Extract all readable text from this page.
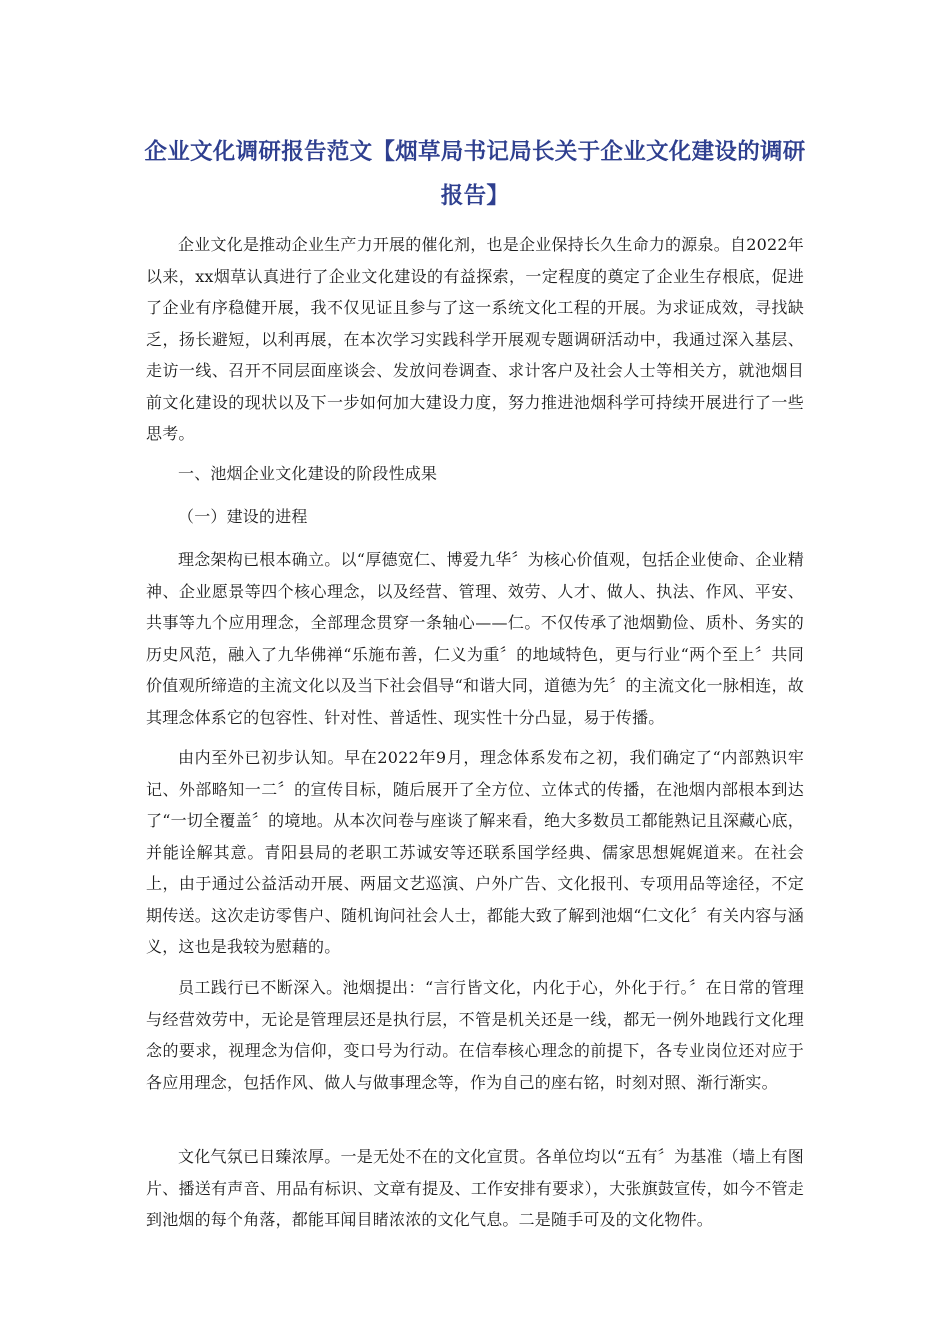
企业文化调研报告范文【烟草局书记局长关于企业文化建设的调研报告】

企业文化是推动企业生产力开展的催化剂，也是企业保持长久生命力的源泉。自2022年以来，xx烟草认真进行了企业文化建设的有益探索，一定程度的奠定了企业生存根底，促进了企业有序稳健开展，我不仅见证且参与了这一系统文化工程的开展。为求证成效，寻找缺乏，扬长避短，以利再展，在本次学习实践科学开展观专题调研活动中，我通过深入基层、走访一线、召开不同层面座谈会、发放问卷调查、求计客户及社会人士等相关方，就池烟目前文化建设的现状以及下一步如何加大建设力度，努力推进池烟科学可持续开展进行了一些思考。

一、池烟企业文化建设的阶段性成果

（一）建设的进程

理念架构已根本确立。以“厚德宽仁、博爱九华〞为核心价值观，包括企业使命、企业精神、企业愿景等四个核心理念，以及经营、管理、效劳、人才、做人、执法、作风、平安、共事等九个应用理念，全部理念贯穿一条轴心——仁。不仅传承了池烟勤俭、质朴、务实的历史风范，融入了九华佛禅“乐施布善，仁义为重〞的地域特色，更与行业“两个至上〞共同价值观所缔造的主流文化以及当下社会倡导“和谐大同，道德为先〞的主流文化一脉相连，故其理念体系它的包容性、针对性、普适性、现实性十分凸显，易于传播。

由内至外已初步认知。早在2022年9月，理念体系发布之初，我们确定了“内部熟识牢记、外部略知一二〞的宣传目标，随后展开了全方位、立体式的传播，在池烟内部根本到达了“一切全覆盖〞的境地。从本次问卷与座谈了解来看，绝大多数员工都能熟记且深藏心底，并能诠解其意。青阳县局的老职工苏诚安等还联系国学经典、儒家思想娓娓道来。在社会上，由于通过公益活动开展、两届文艺巡演、户外广告、文化报刊、专项用品等途径，不定期传送。这次走访零售户、随机询问社会人士，都能大致了解到池烟“仁文化〞有关内容与涵义，这也是我较为慰藉的。

员工践行已不断深入。池烟提出：“言行皆文化，内化于心，外化于行。〞在日常的管理与经营效劳中，无论是管理层还是执行层，不管是机关还是一线，都无一例外地践行文化理念的要求，视理念为信仰，变口号为行动。在信奉核心理念的前提下，各专业岗位还对应于各应用理念，包括作风、做人与做事理念等，作为自己的座右铭，时刻对照、渐行渐实。

文化气氛已日臻浓厚。一是无处不在的文化宣贯。各单位均以“五有〞为基准（墙上有图片、播送有声音、用品有标识、文章有提及、工作安排有要求），大张旗鼓宣传，如今不管走到池烟的每个角落，都能耳闻目睹浓浓的文化气息。二是随手可及的文化物件。
